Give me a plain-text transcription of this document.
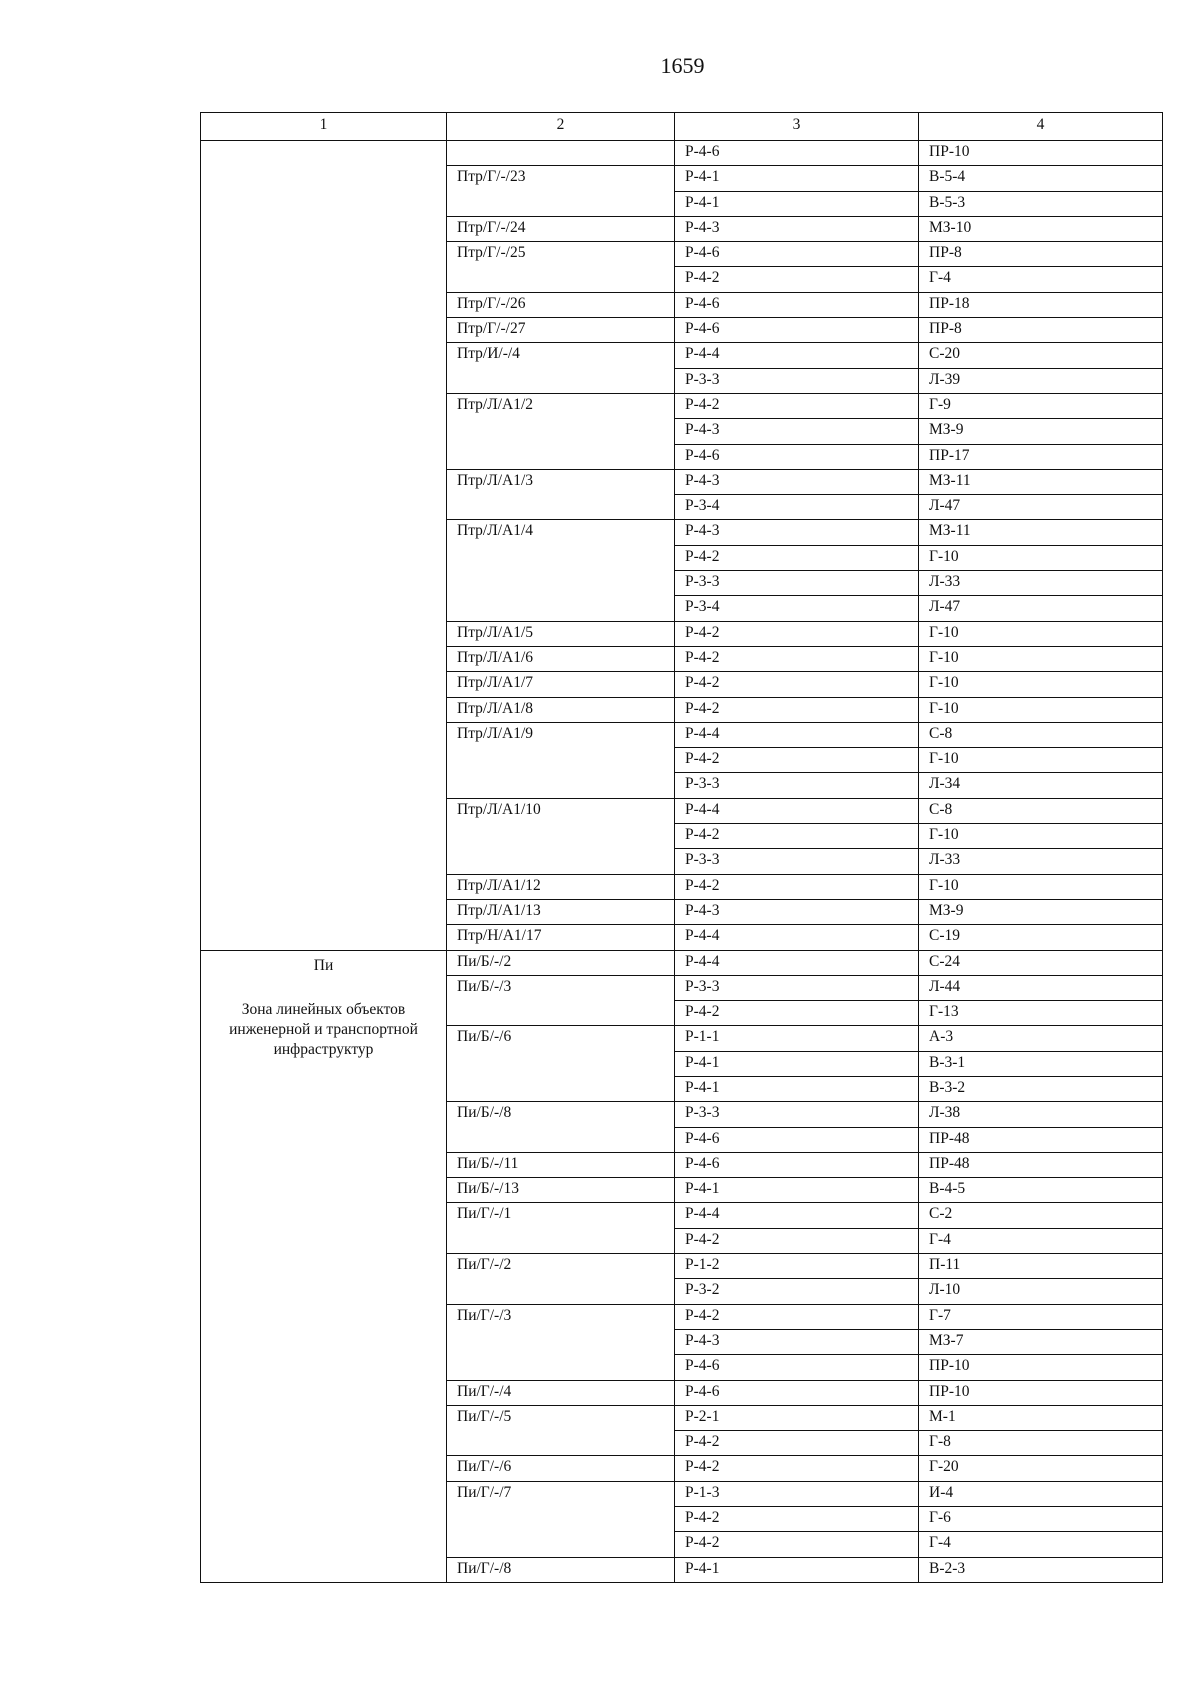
1659
1	2	3	4

		Р-4-6	ПР-10
	Птр/Г/-/23	Р-4-1	В-5-4
		Р-4-1	В-5-3
	Птр/Г/-/24	Р-4-3	МЗ-10
	Птр/Г/-/25	Р-4-6	ПР-8
		Р-4-2	Г-4
	Птр/Г/-/26	Р-4-6	ПР-18
	Птр/Г/-/27	Р-4-6	ПР-8
	Птр/И/-/4	Р-4-4	С-20
		Р-3-3	Л-39
	Птр/Л/А1/2	Р-4-2	Г-9
		Р-4-3	МЗ-9
		Р-4-6	ПР-17
	Птр/Л/А1/3	Р-4-3	МЗ-11
		Р-3-4	Л-47
	Птр/Л/А1/4	Р-4-3	МЗ-11
		Р-4-2	Г-10
		Р-3-3	Л-33
		Р-3-4	Л-47
	Птр/Л/А1/5	Р-4-2	Г-10
	Птр/Л/А1/6	Р-4-2	Г-10
	Птр/Л/А1/7	Р-4-2	Г-10
	Птр/Л/А1/8	Р-4-2	Г-10
	Птр/Л/А1/9	Р-4-4	С-8
		Р-4-2	Г-10
		Р-3-3	Л-34
	Птр/Л/А1/10	Р-4-4	С-8
		Р-4-2	Г-10
		Р-3-3	Л-33
	Птр/Л/А1/12	Р-4-2	Г-10
	Птр/Л/А1/13	Р-4-3	МЗ-9
	Птр/Н/А1/17	Р-4-4	С-19

Пи
Зона линейных объектов инженерной и транспортной инфраструктур	Пи/Б/-/2	Р-4-4	С-24
	Пи/Б/-/3	Р-3-3	Л-44
		Р-4-2	Г-13
	Пи/Б/-/6	Р-1-1	А-3
		Р-4-1	В-3-1
		Р-4-1	В-3-2
	Пи/Б/-/8	Р-3-3	Л-38
		Р-4-6	ПР-48
	Пи/Б/-/11	Р-4-6	ПР-48
	Пи/Б/-/13	Р-4-1	В-4-5
	Пи/Г/-/1	Р-4-4	С-2
		Р-4-2	Г-4
	Пи/Г/-/2	Р-1-2	П-11
		Р-3-2	Л-10
	Пи/Г/-/3	Р-4-2	Г-7
		Р-4-3	МЗ-7
		Р-4-6	ПР-10
	Пи/Г/-/4	Р-4-6	ПР-10
	Пи/Г/-/5	Р-2-1	М-1
		Р-4-2	Г-8
	Пи/Г/-/6	Р-4-2	Г-20
	Пи/Г/-/7	Р-1-3	И-4
		Р-4-2	Г-6
		Р-4-2	Г-4
	Пи/Г/-/8	Р-4-1	В-2-3
